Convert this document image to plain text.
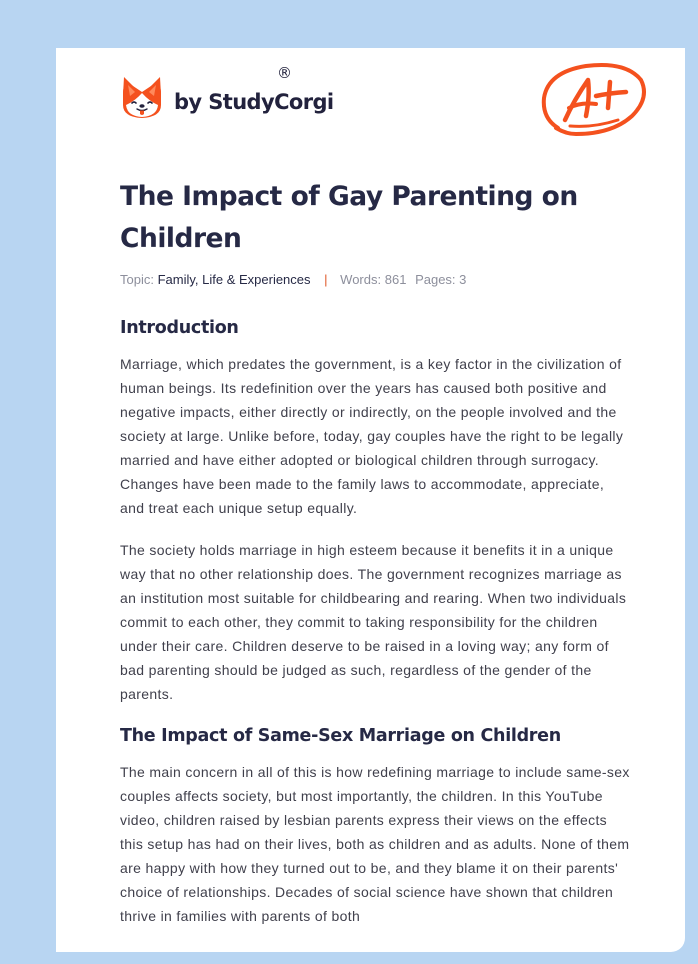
by StudyCorgi
®
The Impact of Gay Parenting on Children
Topic: Family, Life & Experiences | Words: 861 Pages: 3
Introduction

Marriage, which predates the government, is a key factor in the civilization of human beings. Its redefinition over the years has caused both positive and negative impacts, either directly or indirectly, on the people involved and the society at large. Unlike before, today, gay couples have the right to be legally married and have either adopted or biological children through surrogacy. Changes have been made to the family laws to accommodate, appreciate, and treat each unique setup equally.

The society holds marriage in high esteem because it benefits it in a unique way that no other relationship does. The government recognizes marriage as an institution most suitable for childbearing and rearing. When two individuals commit to each other, they commit to taking responsibility for the children under their care. Children deserve to be raised in a loving way; any form of bad parenting should be judged as such, regardless of the gender of the parents.

The Impact of Same-Sex Marriage on Children

The main concern in all of this is how redefining marriage to include same-sex couples affects society, but most importantly, the children. In this YouTube video, children raised by lesbian parents express their views on the effects this setup has had on their lives, both as children and as adults. None of them are happy with how they turned out to be, and they blame it on their parents' choice of relationships. Decades of social science have shown that children thrive in families with parents of both
